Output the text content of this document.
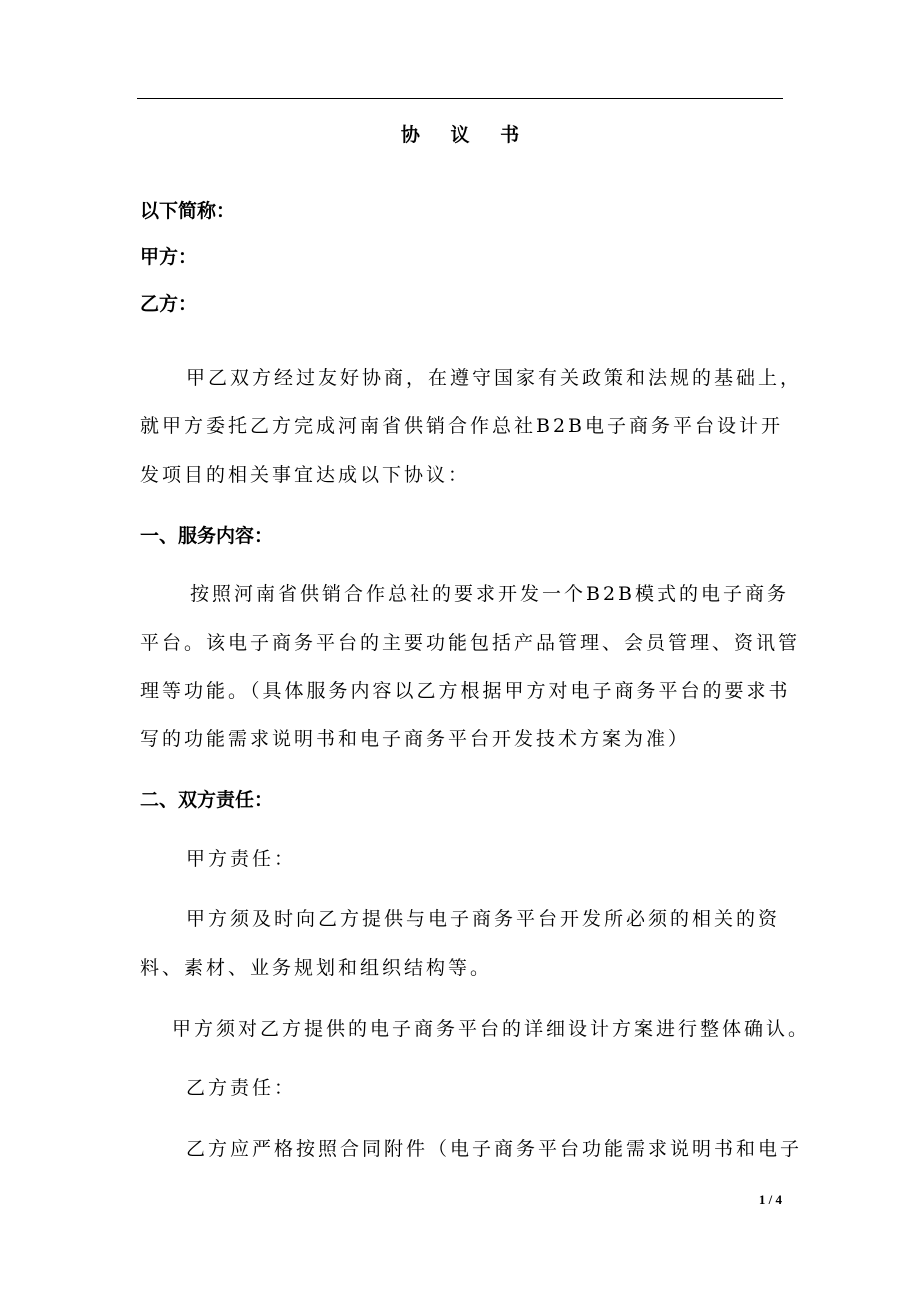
协 议 书
以下简称：
甲方：
乙方：
甲乙双方经过友好协商，在遵守国家有关政策和法规的基础上，
就甲方委托乙方完成河南省供销合作总社B2B电子商务平台设计开
发项目的相关事宜达成以下协议：
一、服务内容：
按照河南省供销合作总社的要求开发一个B2B模式的电子商务
平台。该电子商务平台的主要功能包括产品管理、会员管理、资讯管
理等功能。（具体服务内容以乙方根据甲方对电子商务平台的要求书
写的功能需求说明书和电子商务平台开发技术方案为准）
二、双方责任：
甲方责任：
甲方须及时向乙方提供与电子商务平台开发所必须的相关的资
料、素材、业务规划和组织结构等。
甲方须对乙方提供的电子商务平台的详细设计方案进行整体确认。
乙方责任：
乙方应严格按照合同附件（电子商务平台功能需求说明书和电子
1 / 4
